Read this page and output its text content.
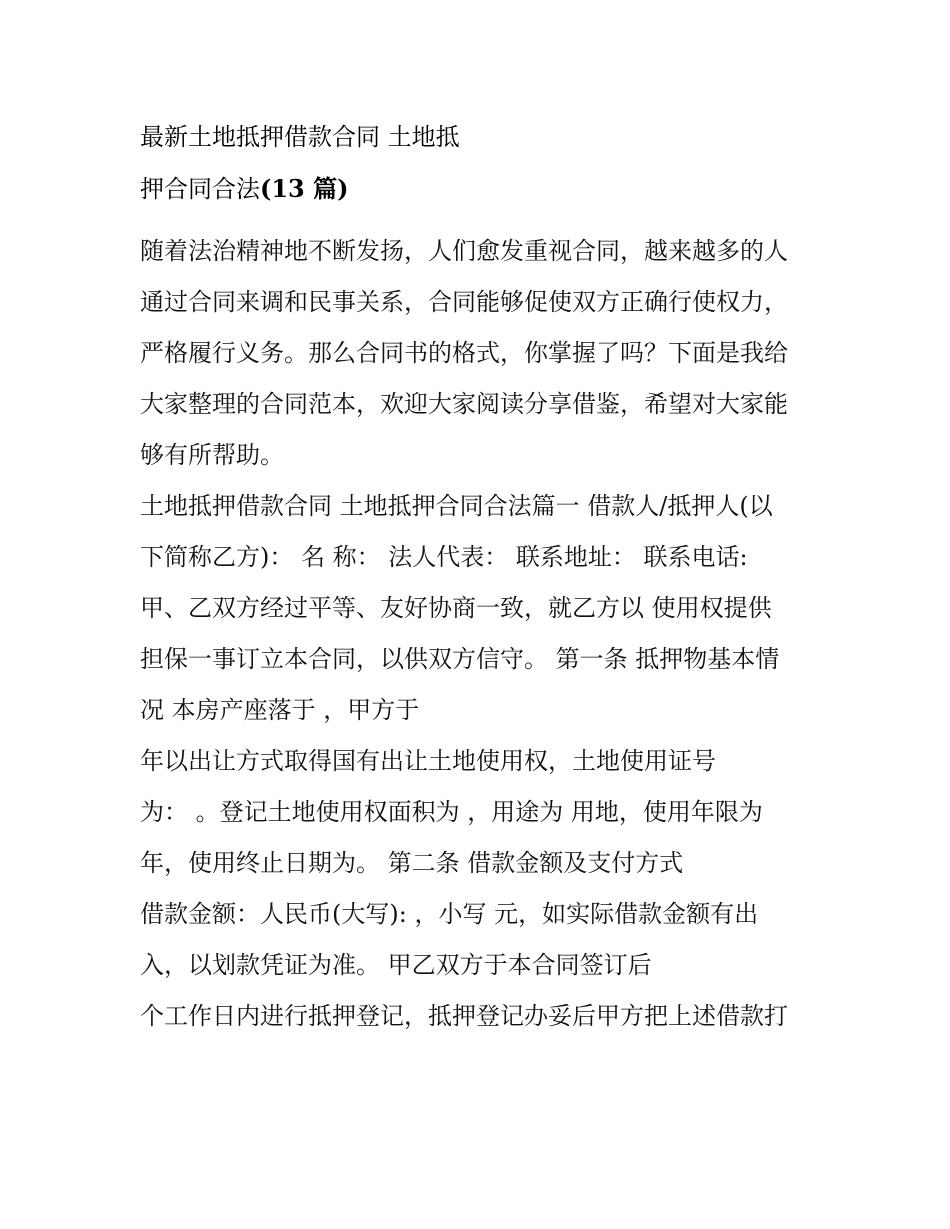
最新土地抵押借款合同 土地抵
押合同合法(13 篇)
随着法治精神地不断发扬，人们愈发重视合同，越来越多的人
通过合同来调和民事关系，合同能够促使双方正确行使权力，
严格履行义务。那么合同书的格式，你掌握了吗？下面是我给
大家整理的合同范本，欢迎大家阅读分享借鉴，希望对大家能
够有所帮助。
土地抵押借款合同 土地抵押合同合法篇一 借款人/抵押人(以
下简称乙方)： 名 称： 法人代表： 联系地址： 联系电话:
甲、乙双方经过平等、友好协商一致，就乙方以 使用权提供
担保一事订立本合同，以供双方信守。 第一条 抵押物基本情
况 本房产座落于 ，甲方于
年以出让方式取得国有出让土地使用权，土地使用证号
为： 。登记土地使用权面积为 ，用途为 用地，使用年限为
年，使用终止日期为。 第二条 借款金额及支付方式
借款金额：人民币(大写): ，小写 元，如实际借款金额有出
入，以划款凭证为准。 甲乙双方于本合同签订后
个工作日内进行抵押登记，抵押登记办妥后甲方把上述借款打
